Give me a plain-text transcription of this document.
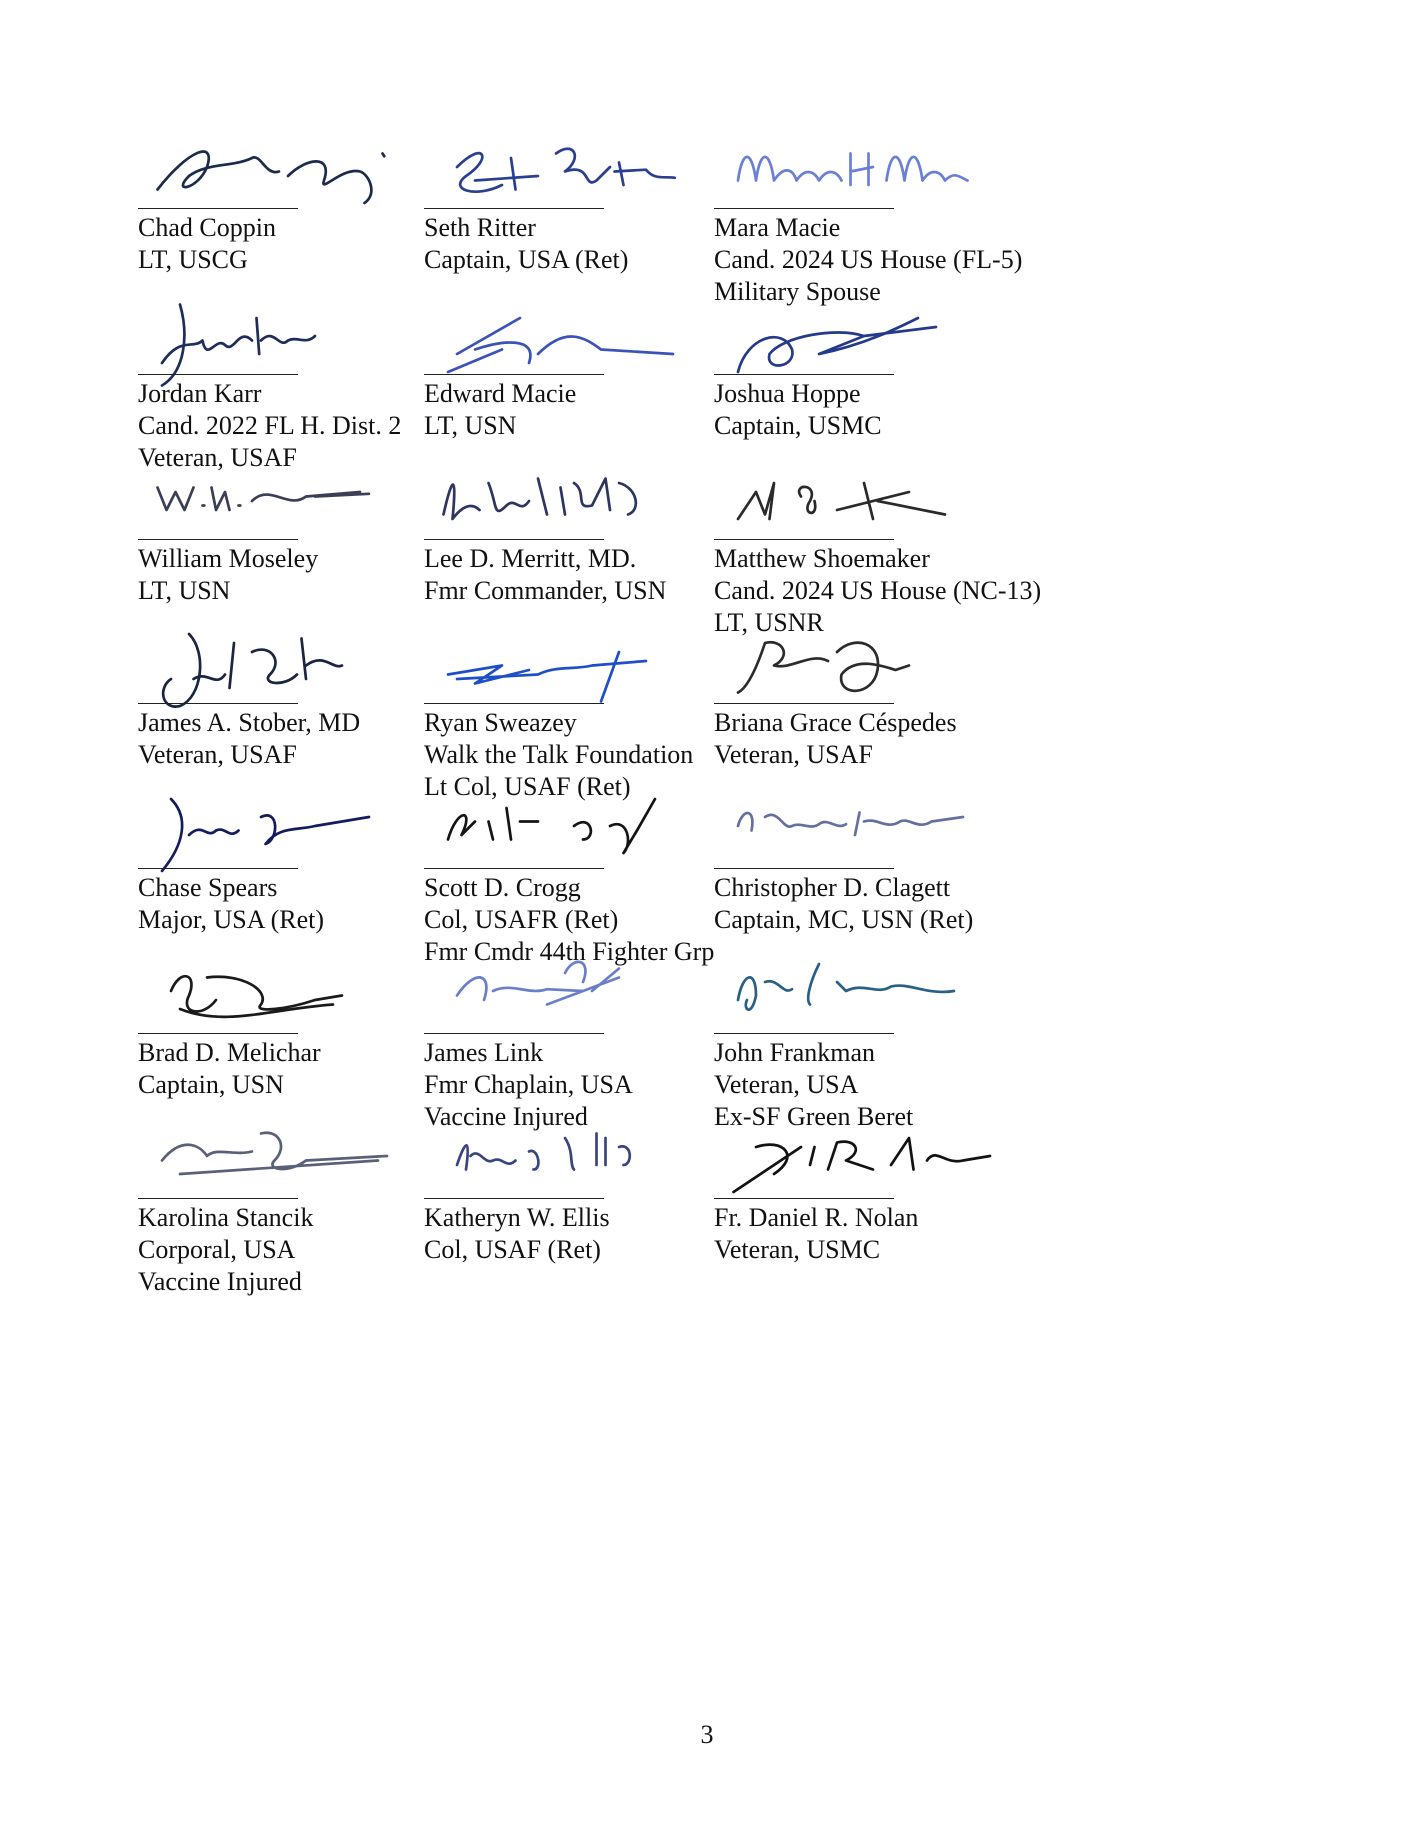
Chad Coppin
LT, USCG
Seth Ritter
Captain, USA (Ret)
Mara Macie
Cand. 2024 US House (FL-5)
Military Spouse
Jordan Karr
Cand. 2022 FL H. Dist. 2
Veteran, USAF
Edward Macie
LT, USN
Joshua Hoppe
Captain, USMC
William Moseley
LT, USN
Lee D. Merritt, MD.
Fmr Commander, USN
Matthew Shoemaker
Cand. 2024 US House (NC-13)
LT, USNR
James A. Stober, MD
Veteran, USAF
Ryan Sweazey
Walk the Talk Foundation
Lt Col, USAF (Ret)
Briana Grace Céspedes
Veteran, USAF
Chase Spears
Major, USA (Ret)
Scott D. Crogg
Col, USAFR (Ret)
Fmr Cmdr 44th Fighter Grp
Christopher D. Clagett
Captain, MC, USN (Ret)
Brad D. Melichar
Captain, USN
James Link
Fmr Chaplain, USA
Vaccine Injured
John Frankman
Veteran, USA
Ex-SF Green Beret
Karolina Stancik
Corporal, USA
Vaccine Injured
Katheryn W. Ellis
Col, USAF (Ret)
Fr. Daniel R. Nolan
Veteran, USMC
3
